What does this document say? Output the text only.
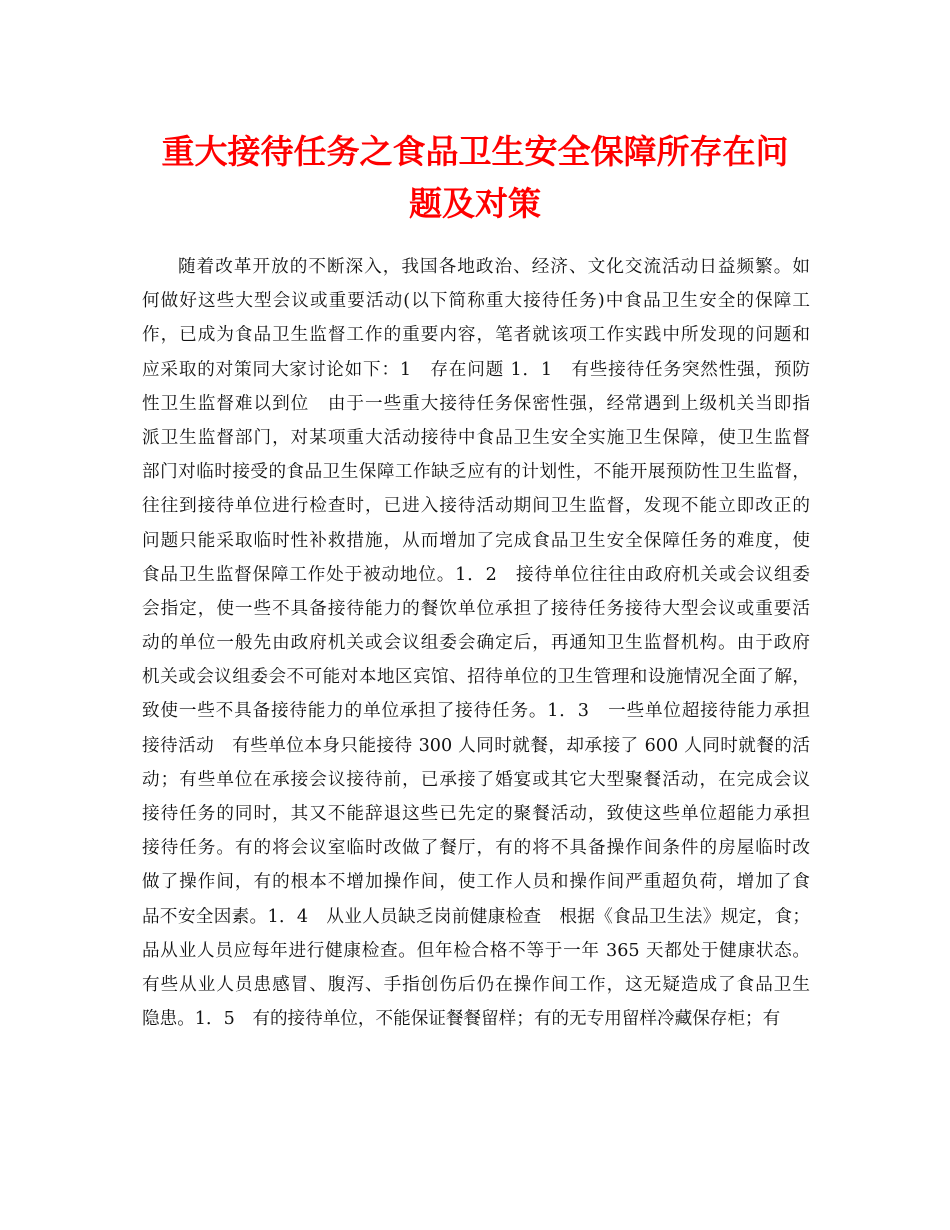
重大接待任务之食品卫生安全保障所存在问
题及对策
随着改革开放的不断深入，我国各地政治、经济、文化交流活动日益频繁。如
何做好这些大型会议或重要活动(以下简称重大接待任务)中食品卫生安全的保障工
作，已成为食品卫生监督工作的重要内容，笔者就该项工作实践中所发现的问题和
应采取的对策同大家讨论如下：1　存在问题 1．1　有些接待任务突然性强，预防
性卫生监督难以到位　由于一些重大接待任务保密性强，经常遇到上级机关当即指
派卫生监督部门，对某项重大活动接待中食品卫生安全实施卫生保障，使卫生监督
部门对临时接受的食品卫生保障工作缺乏应有的计划性，不能开展预防性卫生监督，
往往到接待单位进行检查时，已进入接待活动期间卫生监督，发现不能立即改正的
问题只能采取临时性补救措施，从而增加了完成食品卫生安全保障任务的难度，使
食品卫生监督保障工作处于被动地位。1．2　接待单位往往由政府机关或会议组委
会指定，使一些不具备接待能力的餐饮单位承担了接待任务接待大型会议或重要活
动的单位一般先由政府机关或会议组委会确定后，再通知卫生监督机构。由于政府
机关或会议组委会不可能对本地区宾馆、招待单位的卫生管理和设施情况全面了解，
致使一些不具备接待能力的单位承担了接待任务。1．3　一些单位超接待能力承担
接待活动　有些单位本身只能接待 300 人同时就餐，却承接了 600 人同时就餐的活
动；有些单位在承接会议接待前，已承接了婚宴或其它大型聚餐活动，在完成会议
接待任务的同时，其又不能辞退这些已先定的聚餐活动，致使这些单位超能力承担
接待任务。有的将会议室临时改做了餐厅，有的将不具备操作间条件的房屋临时改
做了操作间，有的根本不增加操作间，使工作人员和操作间严重超负荷，增加了食
品不安全因素。1．4　从业人员缺乏岗前健康检查　根据《食品卫生法》规定，食；
品从业人员应每年进行健康检查。但年检合格不等于一年 365 天都处于健康状态。
有些从业人员患感冒、腹泻、手指创伤后仍在操作间工作，这无疑造成了食品卫生
隐患。1．5　有的接待单位，不能保证餐餐留样；有的无专用留样冷藏保存柜；有
